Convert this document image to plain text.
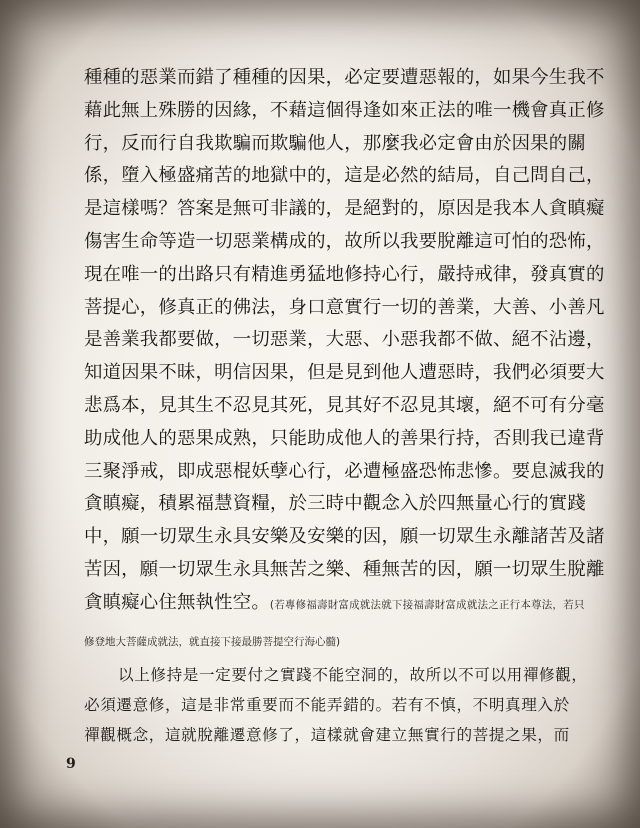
種種的惡業而錯了種種的因果，必定要遭惡報的，如果今生我不
藉此無上殊勝的因緣，不藉這個得逢如來正法的唯一機會真正修
行，反而行自我欺騙而欺騙他人，那麼我必定會由於因果的關
係，墮入極盛痛苦的地獄中的，這是必然的結局，自己問自己，
是這樣嗎？答案是無可非議的，是絕對的，原因是我本人貪瞋癡
傷害生命等造一切惡業構成的，故所以我要脫離這可怕的恐怖，
現在唯一的出路只有精進勇猛地修持心行，嚴持戒律，發真實的
菩提心，修真正的佛法，身口意實行一切的善業，大善、小善凡
是善業我都要做，一切惡業，大惡、小惡我都不做、絕不沾邊，
知道因果不昧，明信因果，但是見到他人遭惡時，我們必須要大
悲爲本，見其生不忍見其死，見其好不忍見其壞，絕不可有分毫
助成他人的惡果成熟，只能助成他人的善果行持，否則我已違背
三聚淨戒，即成惡棍妖孽心行，必遭極盛恐怖悲慘。要息滅我的
貪瞋癡，積累福慧資糧，於三時中觀念入於四無量心行的實踐
中，願一切眾生永具安樂及安樂的因，願一切眾生永離諸苦及諸
苦因，願一切眾生永具無苦之樂、種無苦的因，願一切眾生脫離
貪瞋癡心住無執性空。(若專修福壽財富成就法就下接福壽財富成就法之正行本尊法，若只
修登地大菩薩成就法，就直接下接最勝菩提空行海心髓)
以上修持是一定要付之實踐不能空洞的，故所以不可以用禪修觀，
必須遷意修，這是非常重要而不能弄錯的。若有不慎，不明真理入於
禪觀概念，這就脫離遷意修了，這樣就會建立無實行的菩提之果，而
9
